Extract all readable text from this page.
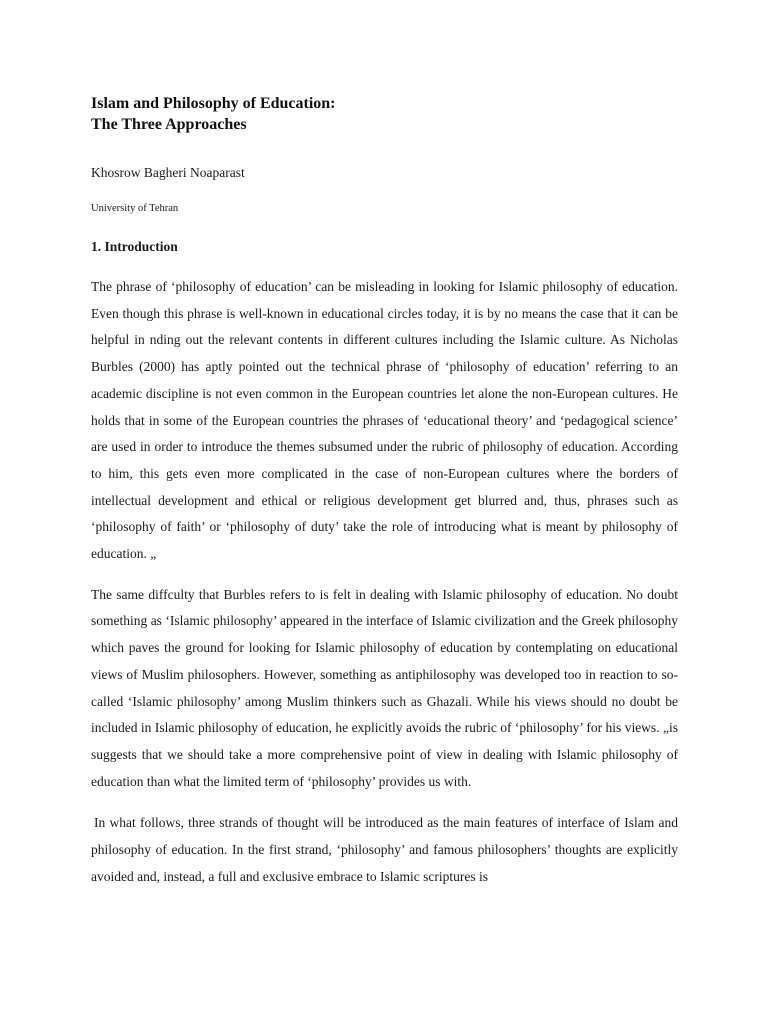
Islam and Philosophy of Education:
The Three Approaches
Khosrow Bagheri Noaparast
University of Tehran
1. Introduction

The phrase of ‘philosophy of education’ can be misleading in looking for Islamic philosophy of education. Even though this phrase is well-known in educational circles today, it is by no means the case that it can be helpful in nding out the relevant contents in different cultures including the Islamic culture. As Nicholas Burbles (2000) has aptly pointed out the technical phrase of ‘philosophy of education’ referring to an academic discipline is not even common in the European countries let alone the non-European cultures. He holds that in some of the European countries the phrases of ‘educational theory’ and ‘pedagogical science’ are used in order to introduce the themes subsumed under the rubric of philosophy of education. According to him, this gets even more complicated in the case of non-European cultures where the borders of intellectual development and ethical or religious development get blurred and, thus, phrases such as ‘philosophy of faith’ or ‘philosophy of duty’ take the role of introducing what is meant by philosophy of education. „

The same diffculty that Burbles refers to is felt in dealing with Islamic philosophy of education. No doubt something as ‘Islamic philosophy’ appeared in the interface of Islamic civilization and the Greek philosophy which paves the ground for looking for Islamic philosophy of education by contemplating on educational views of Muslim philosophers. However, something as antiphilosophy was developed too in reaction to so-called ‘Islamic philosophy’ among Muslim thinkers such as Ghazali. While his views should no doubt be included in Islamic philosophy of education, he explicitly avoids the rubric of ‘philosophy’ for his views. „is suggests that we should take a more comprehensive point of view in dealing with Islamic philosophy of education than what the limited term of ‘philosophy’ provides us with.

In what follows, three strands of thought will be introduced as the main features of interface of Islam and philosophy of education. In the first strand, ‘philosophy’ and famous philosophers’ thoughts are explicitly avoided and, instead, a full and exclusive embrace to Islamic scriptures is
